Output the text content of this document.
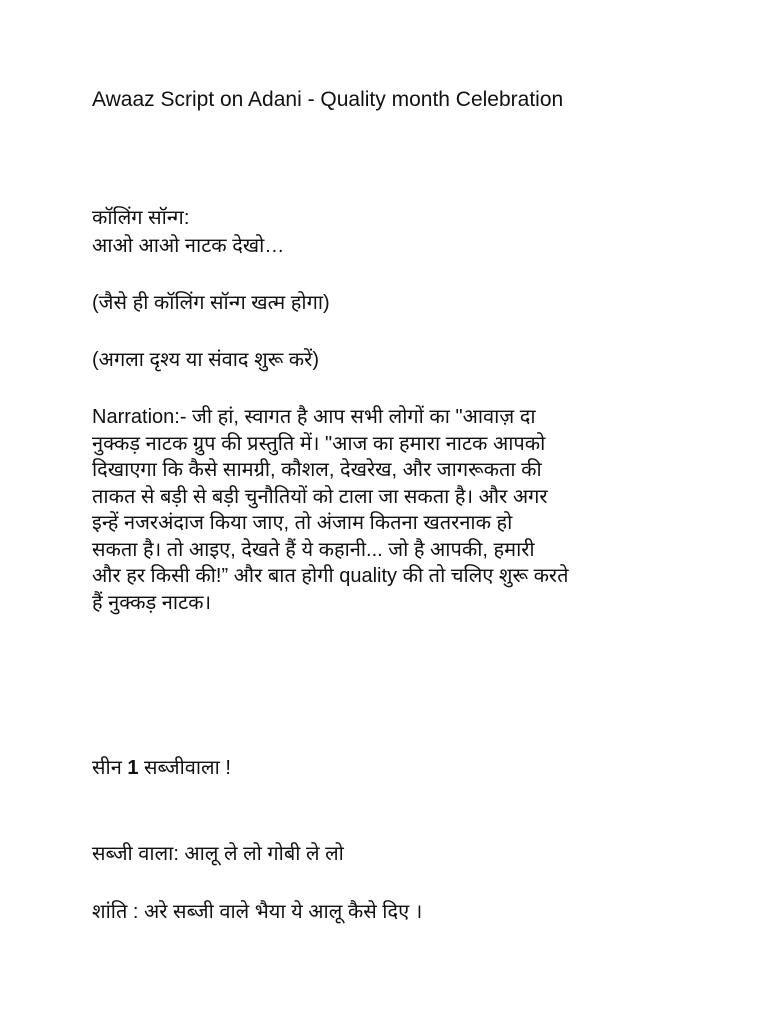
Awaaz Script on Adani - Quality month Celebration
कॉलिंग सॉन्ग:
आओ आओ नाटक देखो…
(जैसे ही कॉलिंग सॉन्ग खत्म होगा)
(अगला दृश्य या संवाद शुरू करें)
Narration:- जी हां, स्वागत है आप सभी लोगों का "आवाज़ दा
नुक्कड़ नाटक ग्रुप की प्रस्तुति में। "आज का हमारा नाटक आपको
दिखाएगा कि कैसे सामग्री, कौशल, देखरेख, और जागरूकता की
ताकत से बड़ी से बड़ी चुनौतियों को टाला जा सकता है। और अगर
इन्हें नजरअंदाज किया जाए, तो अंजाम कितना खतरनाक हो
सकता है। तो आइए, देखते हैं ये कहानी... जो है आपकी, हमारी
और हर किसी की!” और बात होगी quality की तो चलिए शुरू करते
हैं नुक्कड़ नाटक।
सीन 1 सब्जीवाला !
सब्जी वाला: आलू ले लो गोबी ले लो
शांति : अरे सब्जी वाले भैया ये आलू कैसे दिए ।
